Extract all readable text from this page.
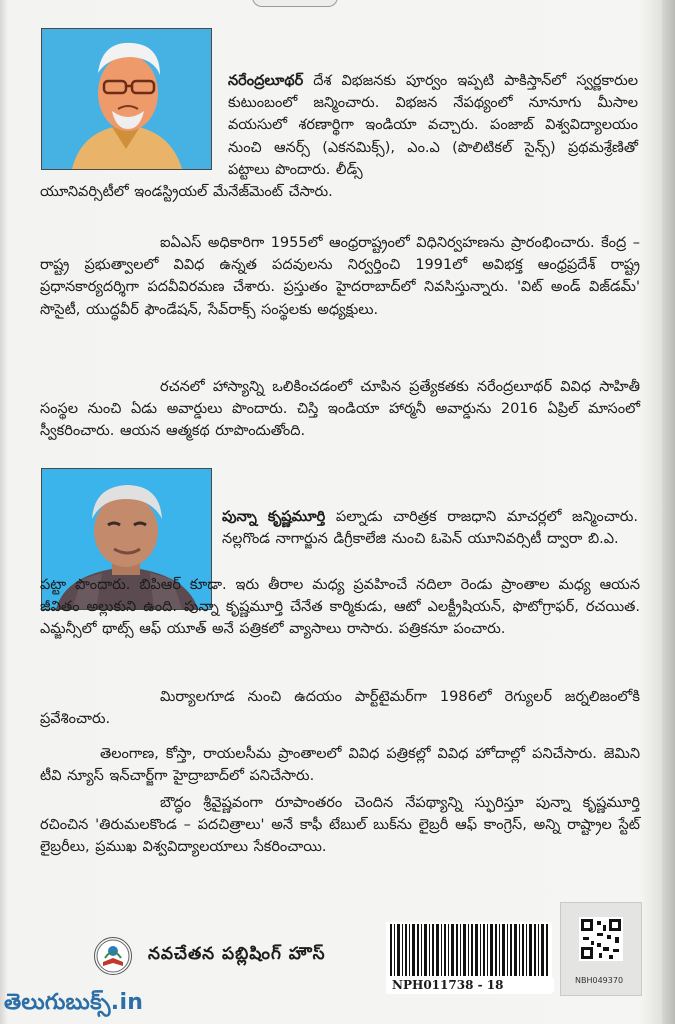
నరేంద్రలూథర్ దేశ విభజనకు పూర్వం ఇప్పటి పాకిస్తాన్‌లో స్వర్ణకారుల కుటుంబంలో జన్మించారు. విభజన నేపథ్యంలో నూనూగు మీసాల వయసులో శరణార్థిగా ఇండియా వచ్చారు. పంజాబ్ విశ్వవిద్యాలయం నుంచి ఆనర్స్ (ఎకనమిక్స్), ఎం.ఎ (పొలిటికల్ సైన్స్) ప్రథమశ్రేణితో పట్టాలు పొందారు. లీడ్స్

యూనివర్సిటీలో ఇండస్ట్రియల్ మేనేజ్‌మెంట్ చేసారు.

ఐఏఎస్ అధికారిగా 1955లో ఆంధ్రరాష్ట్రంలో విధినిర్వహణను ప్రారంభించారు. కేంద్ర – రాష్ట్ర ప్రభుత్వాలలో వివిధ ఉన్నత పదవులను నిర్వర్తించి 1991లో అవిభక్త ఆంధ్రప్రదేశ్ రాష్ట్ర ప్రధానకార్యదర్శిగా పదవీవిరమణ చేశారు. ప్రస్తుతం హైదరాబాద్‌లో నివసిస్తున్నారు. 'విట్ అండ్ విజ్‌డమ్' సొసైటీ, యుద్ధవీర్ ఫౌండేషన్, సేవ్‌రాక్స్ సంస్థలకు అధ్యక్షులు.

రచనలో హాస్యాన్ని ఒలికించడంలో చూపిన ప్రత్యేకతకు నరేంద్రలూథర్ వివిధ సాహితీ సంస్థల నుంచి ఏడు అవార్డులు పొందారు. చిస్తి ఇండియా హార్మనీ అవార్డును 2016 ఏప్రిల్ మాసంలో స్వీకరించారు. ఆయన ఆత్మకథ రూపొందుతోంది.

పున్నా కృష్ణమూర్తి పల్నాడు చారిత్రక రాజధాని మాచర్లలో జన్మించారు. నల్లగొండ నాగార్జున డిగ్రీకాలేజి నుంచి ఓపెన్ యూనివర్సిటీ ద్వారా బి.ఎ.

పట్టా పొందారు. బిపిఆర్ కూడా. ఇరు తీరాల మధ్య ప్రవహించే నదిలా రెండు ప్రాంతాల మధ్య ఆయన జీవితం అల్లుకుని ఉంది. పున్నా కృష్ణమూర్తి చేనేత కార్మికుడు, ఆటో ఎలక్ట్రీషియన్, ఫొటోగ్రాఫర్, రచయిత. ఎమ్జన్సీలో థాట్స్ ఆఫ్ యూత్ అనే పత్రికలో వ్యాసాలు రాసారు. పత్రికనూ పంచారు.

మిర్యాలగూడ నుంచి ఉదయం పార్ట్‌టైమర్‌గా 1986లో రెగ్యులర్ జర్నలిజంలోకి ప్రవేశించారు.

తెలంగాణ, కోస్తా, రాయలసీమ ప్రాంతాలలో వివిధ పత్రికల్లో వివిధ హోదాల్లో పనిచేసారు. జెమిని టీవి న్యూస్ ఇన్‌చార్జ్‌గా హైద్రాబాద్‌లో పనిచేసారు.

బౌద్ధం శ్రీవైష్ణవంగా రూపాంతరం చెందిన నేపథ్యాన్ని స్ఫురిస్తూ పున్నా కృష్ణమూర్తి రచించిన 'తిరుమలకొండ – పదచిత్రాలు' అనే కాఫీ టేబుల్ బుక్‌ను లైబ్రరీ ఆఫ్ కాంగ్రెస్, అన్ని రాష్ట్రాల స్టేట్ లైబ్రరీలు, ప్రముఖ విశ్వవిద్యాలయాలు సేకరించాయి.

నవచేతన పబ్లిషింగ్ హౌస్
NPH011738 - 18	NBH049370
తెలుగుబుక్స్.in
